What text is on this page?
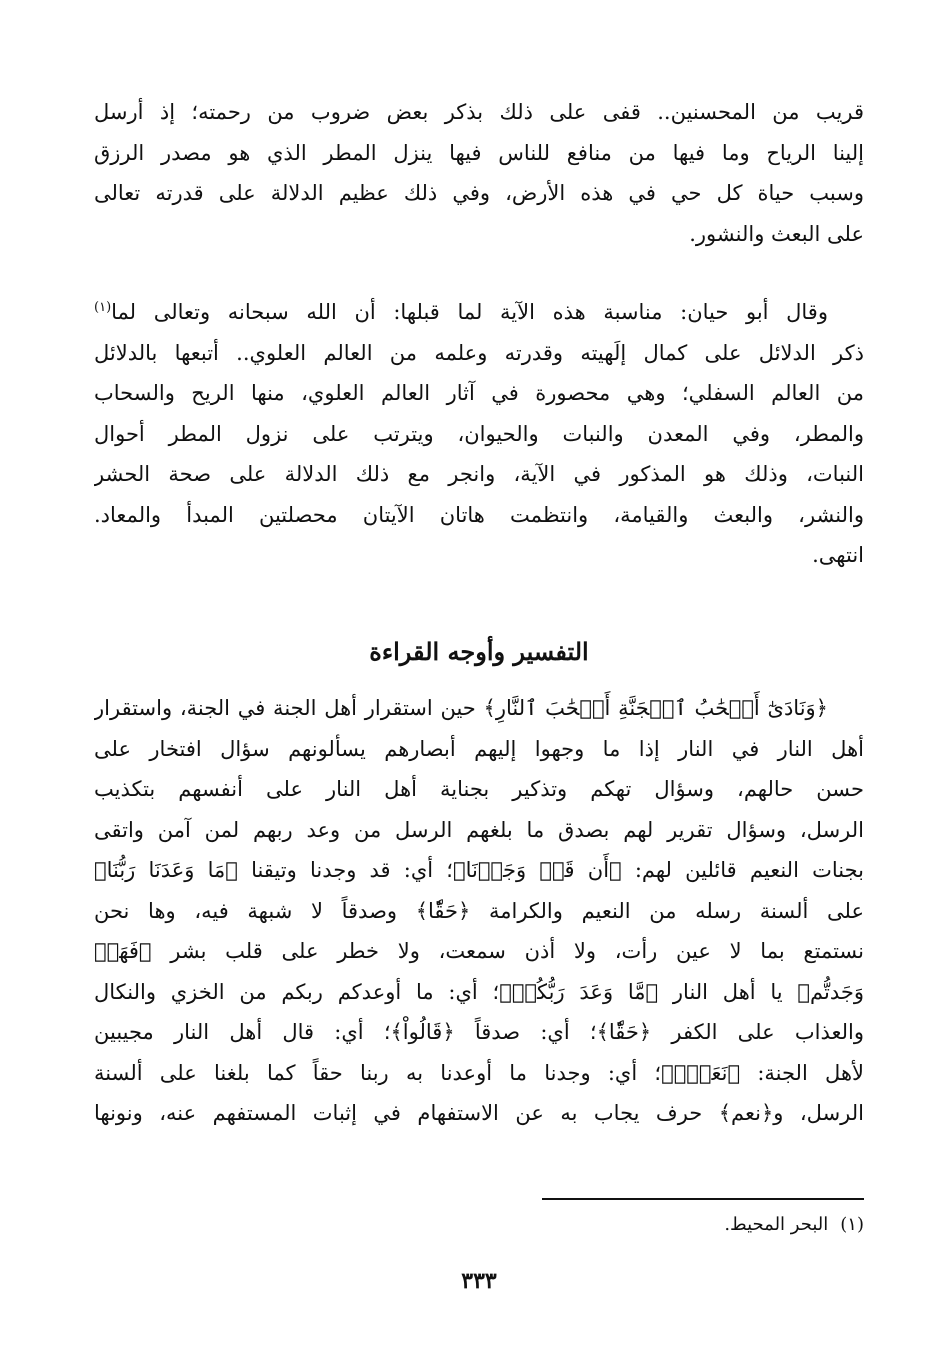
قريب من المحسنين.. قفى على ذلك بذكر بعض ضروب من رحمته؛ إذ أرسل
إلينا الرياح وما فيها من منافع للناس فيها ينزل المطر الذي هو مصدر الرزق
وسبب حياة كل حي في هذه الأرض، وفي ذلك عظيم الدلالة على قدرته تعالى
على البعث والنشور.

وقال أبو حيان: مناسبة هذه الآية لما قبلها: أن الله سبحانه وتعالى لما$^{(١)}$
ذكر الدلائل على كمال إلَهيته وقدرته وعلمه من العالم العلوي.. أتبعها بالدلائل
من العالم السفلي؛ وهي محصورة في آثار العالم العلوي، منها الريح والسحاب
والمطر، وفي المعدن والنبات والحيوان، ويترتب على نزول المطر أحوال
النبات، وذلك هو المذكور في الآية، وانجر مع ذلك الدلالة على صحة الحشر
والنشر، والبعث والقيامة، وانتظمت هاتان الآيتان محصلتين المبدأ والمعاد.
انتهى.

التفسير وأوجه القراءة

﴿وَنَادَىٰٓ أَصۡحَٰبُ ٱلۡجَنَّةِ أَصۡحَٰبَ ٱلنَّارِ﴾ حين استقرار أهل الجنة في الجنة، واستقرار
أهل النار في النار إذا ما وجهوا إليهم أبصارهم يسألونهم سؤال افتخار على
حسن حالهم، وسؤال تهكم وتذكير بجناية أهل النار على أنفسهم بتكذيب
الرسل، وسؤال تقرير لهم بصدق ما بلغهم الرسل من وعد ربهم لمن آمن واتقى
بجنات النعيم قائلين لهم: ﴿أَن قَدۡ وَجَدۡنَا﴾؛ أي: قد وجدنا وتيقنا ﴿مَا وَعَدَنَا رَبُّنَا﴾
على ألسنة رسله من النعيم والكرامة ﴿حَقّٗا﴾ وصدقاً لا شبهة فيه، وها نحن
نستمتع بما لا عين رأت، ولا أذن سمعت، ولا خطر على قلب بشر ﴿فَهَلۡ
وَجَدتُّم﴾ يا أهل النار ﴿مَّا وَعَدَ رَبُّكُمۡ﴾؛ أي: ما أوعدكم ربكم من الخزي والنكال
والعذاب على الكفر ﴿حَقّٗا﴾؛ أي: صدقاً ﴿قَالُواْ﴾؛ أي: قال أهل النار مجيبين
لأهل الجنة: ﴿نَعَمۡۚ﴾؛ أي: وجدنا ما أوعدنا به ربنا حقاً كما بلغنا على ألسنة
الرسل، و﴿نعم﴾ حرف يجاب به عن الاستفهام في إثبات المستفهم عنه، ونونها

(١)البحر المحيط.
٣٣٣
